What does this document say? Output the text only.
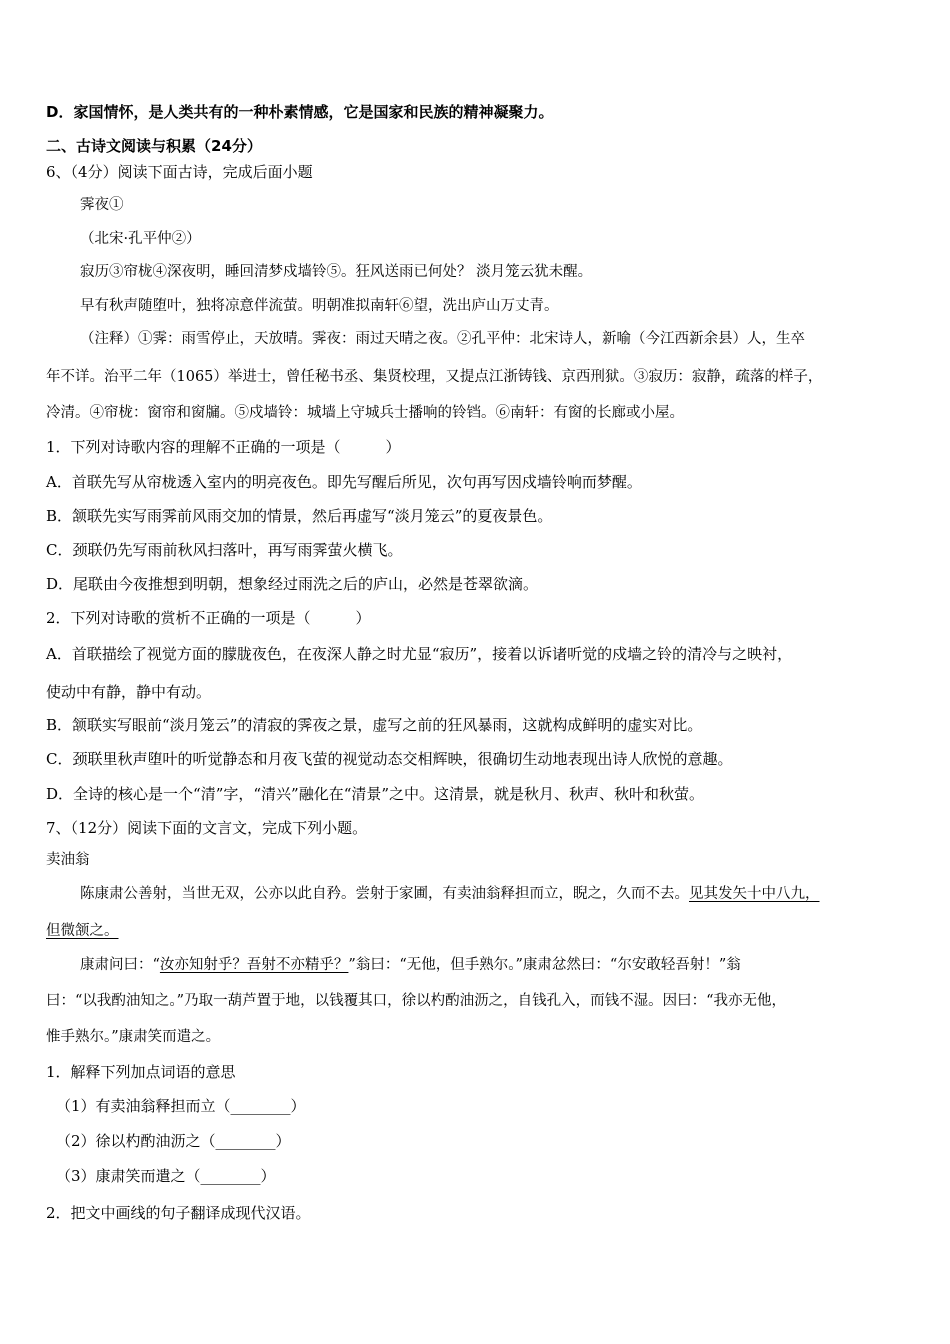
D．家国情怀，是人类共有的一种朴素情感，它是国家和民族的精神凝聚力。
二、古诗文阅读与积累（24分）
6、（4分）阅读下面古诗，完成后面小题
霁夜①
（北宋·孔平仲②）
寂历③帘栊④深夜明，睡回清梦戍墙铃⑤。狂风送雨已何处？ 淡月笼云犹未醒。
早有秋声随堕叶，独将凉意伴流萤。明朝准拟南轩⑥望，洗出庐山万丈青。
（注释）①霁：雨雪停止，天放晴。霁夜：雨过天晴之夜。②孔平仲：北宋诗人，新喻（今江西新余县）人，生卒
年不详。治平二年（1065）举进士，曾任秘书丞、集贤校理，又提点江浙铸钱、京西刑狱。③寂历：寂静，疏落的样子，
冷清。④帘栊：窗帘和窗牖。⑤戍墙铃：城墙上守城兵士播响的铃铛。⑥南轩：有窗的长廊或小屋。
1．下列对诗歌内容的理解不正确的一项是（　　　）
A．首联先写从帘栊透入室内的明亮夜色。即先写醒后所见，次句再写因戍墙铃响而梦醒。
B．颔联先实写雨霁前风雨交加的情景，然后再虚写“淡月笼云”的夏夜景色。
C．颈联仍先写雨前秋风扫落叶，再写雨霁萤火横飞。
D．尾联由今夜推想到明朝，想象经过雨洗之后的庐山，必然是苍翠欲滴。
2．下列对诗歌的赏析不正确的一项是（　　　）
A．首联描绘了视觉方面的朦胧夜色，在夜深人静之时尤显“寂历”，接着以诉诸听觉的戍墙之铃的清冷与之映衬，
使动中有静，静中有动。
B．颔联实写眼前“淡月笼云”的清寂的霁夜之景，虚写之前的狂风暴雨，这就构成鲜明的虚实对比。
C．颈联里秋声堕叶的听觉静态和月夜飞萤的视觉动态交相辉映，很确切生动地表现出诗人欣悦的意趣。
D．全诗的核心是一个“清”字，“清兴”融化在“清景”之中。这清景，就是秋月、秋声、秋叶和秋萤。
7、（12分）阅读下面的文言文，完成下列小题。
卖油翁
陈康肃公善射，当世无双，公亦以此自矜。尝射于家圃，有卖油翁释担而立，睨之，久而不去。见其发矢十中八九，
但微颔之。
康肃问曰：“汝亦知射乎？吾射不亦精乎？”翁曰：“无他，但手熟尔。”康肃忿然曰：“尔安敢轻吾射！”翁
曰：“以我酌油知之。”乃取一葫芦置于地，以钱覆其口，徐以杓酌油沥之，自钱孔入，而钱不湿。因曰：“我亦无他，
惟手熟尔。”康肃笑而遣之。
1．解释下列加点词语的意思
（1）有卖油翁释担而立（________）
（2）徐以杓酌油沥之（________）
（3）康肃笑而遣之（________）
2．把文中画线的句子翻译成现代汉语。
